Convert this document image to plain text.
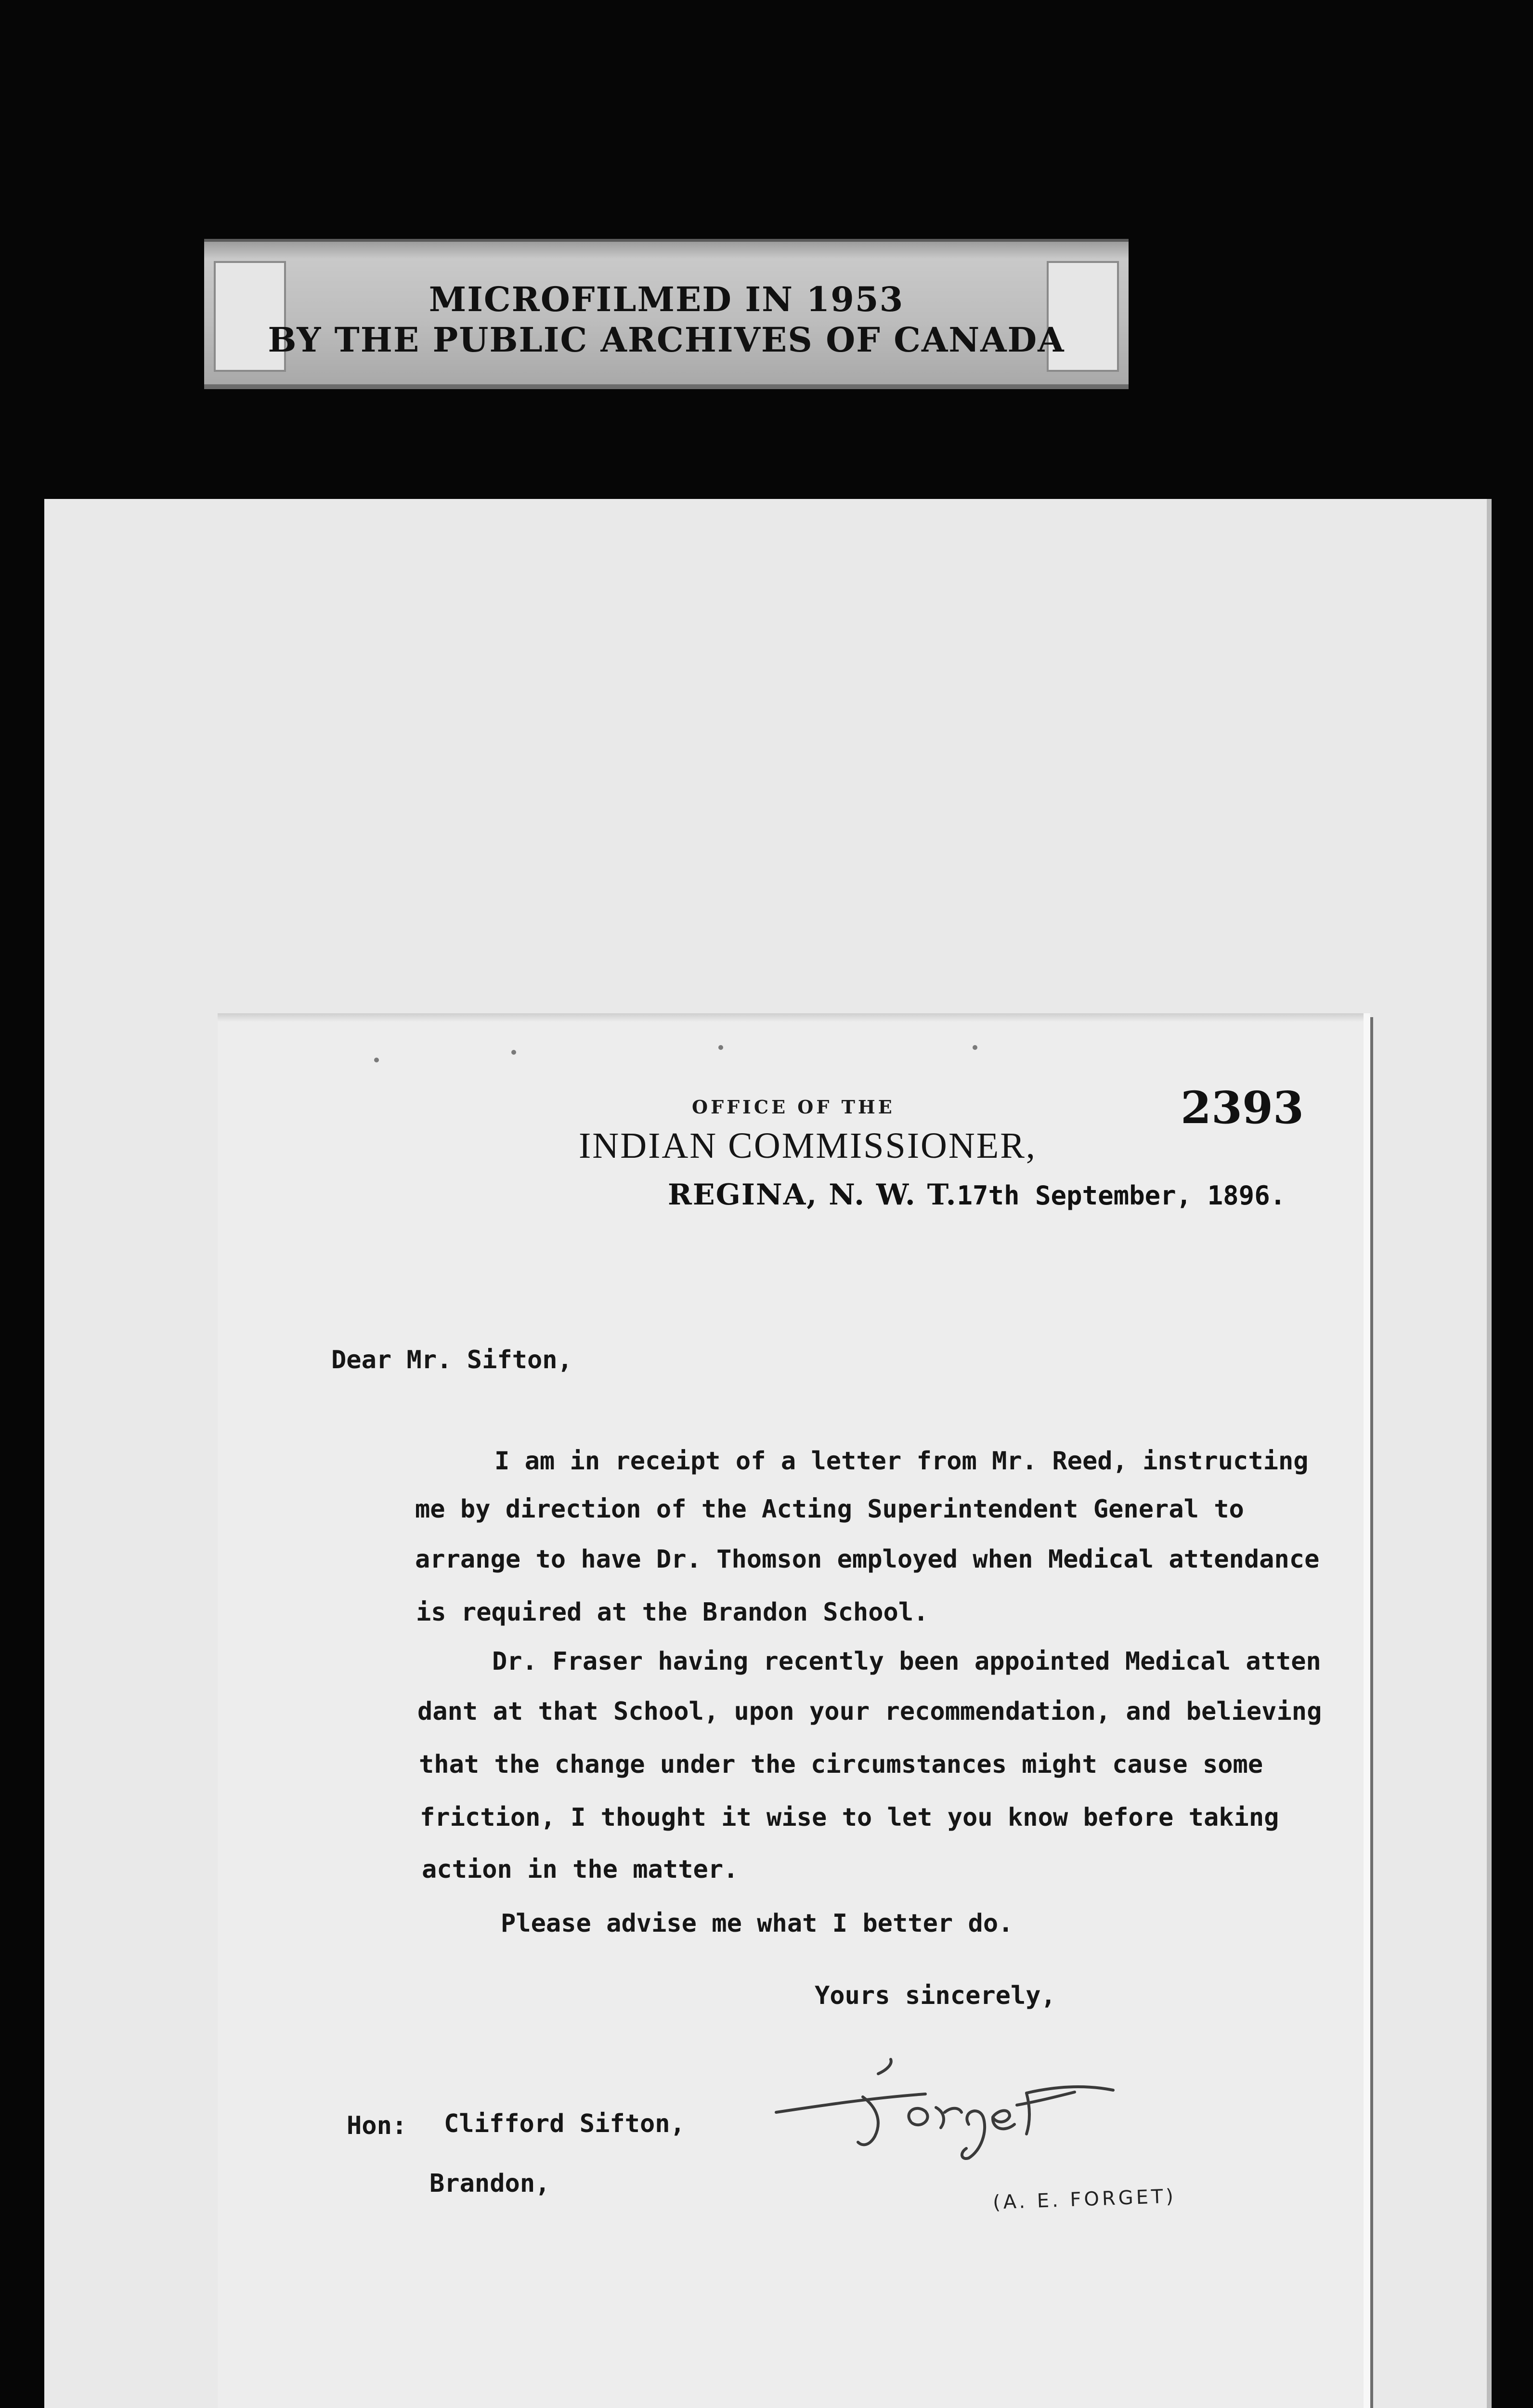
MICROFILMED IN 1953
BY THE PUBLIC ARCHIVES OF CANADA
OFFICE OF THE	2393
INDIAN COMMISSIONER,
REGINA, N. W. T.17th September, 1896.
Dear Mr. Sifton,
I am in receipt of a letter from Mr. Reed, instructing
me by direction of the Acting Superintendent General to
arrange to have Dr. Thomson employed when Medical attendance
is required at the Brandon School.
Dr. Fraser having recently been appointed Medical atten
dant at that School, upon your recommendation, and believing
that the change under the circumstances might cause some
friction, I thought it wise to let you know before taking
action in the matter.
Please advise me what I better do.
Yours sincerely,
(A. E. FORGET)
Hon: Clifford Sifton,
Brandon,
